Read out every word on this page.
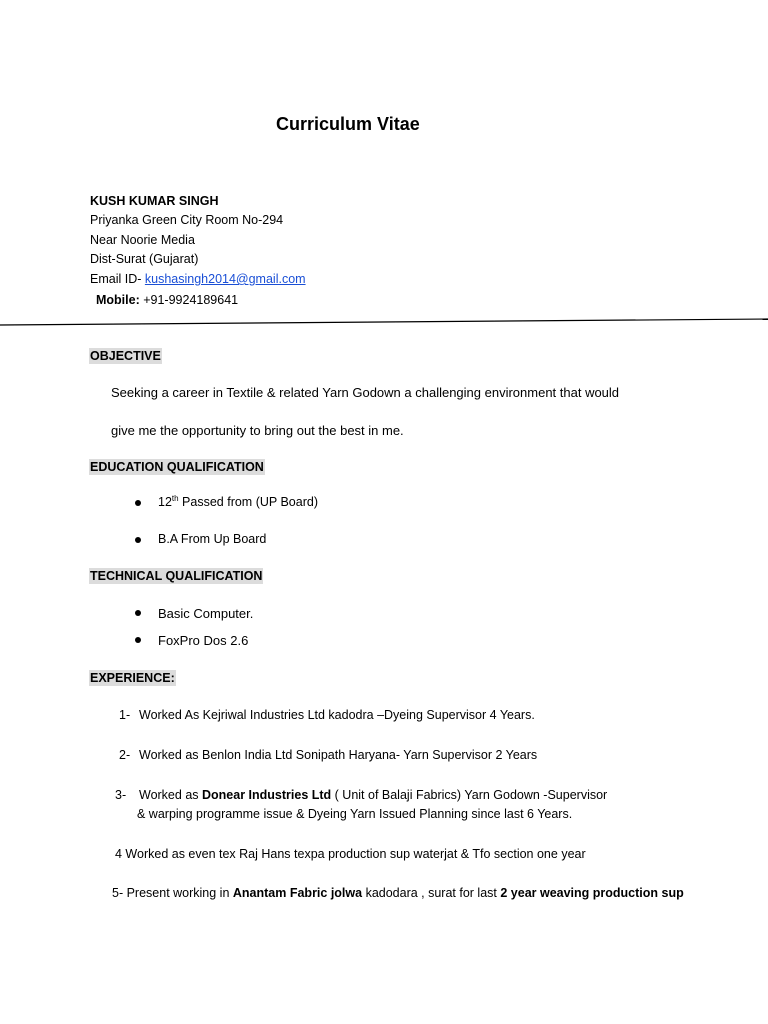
Curriculum Vitae
KUSH KUMAR SINGH
Priyanka Green City Room No-294
Near Noorie Media
Dist-Surat (Gujarat)
Email ID- kushasingh2014@gmail.com
Mobile: +91-9924189641
OBJECTIVE
Seeking a career in Textile & related Yarn Godown a challenging environment that would
give me the opportunity to bring out the best in me.
EDUCATION QUALIFICATION
12th Passed from (UP Board)
B.A From Up Board
TECHNICAL QUALIFICATION
Basic Computer.
FoxPro Dos 2.6
EXPERIENCE:
1- Worked As Kejriwal Industries Ltd kadodra –Dyeing Supervisor 4 Years.
2- Worked as Benlon India Ltd Sonipath Haryana- Yarn Supervisor 2 Years
3- Worked as Donear Industries Ltd ( Unit of Balaji Fabrics) Yarn Godown -Supervisor
& warping programme issue & Dyeing Yarn Issued Planning since last 6 Years.
4 Worked as even tex Raj Hans texpa production sup waterjat & Tfo section one year
5- Present working in Anantam Fabric jolwa kadodara , surat for last 2 year weaving production sup
